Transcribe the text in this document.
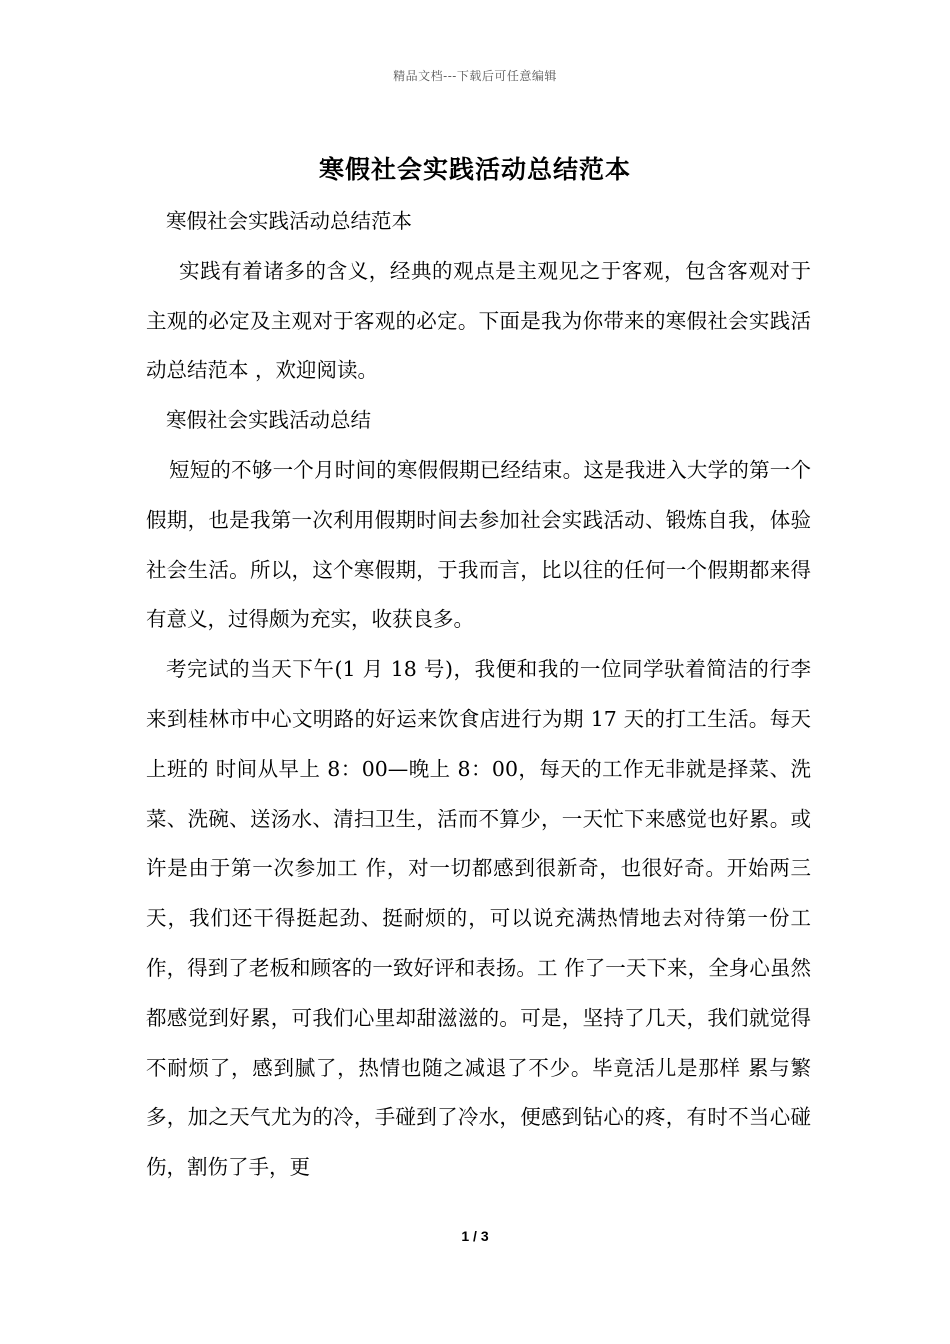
精品文档---下载后可任意编辑
寒假社会实践活动总结范本

寒假社会实践活动总结范本

实践有着诸多的含义，经典的观点是主观见之于客观，包含客观对于主观的必定及主观对于客观的必定。下面是我为你带来的寒假社会实践活动总结范本 ，欢迎阅读。

寒假社会实践活动总结

短短的不够一个月时间的寒假假期已经结束。这是我进入大学的第一个假期，也是我第一次利用假期时间去参加社会实践活动、锻炼自我，体验社会生活。所以，这个寒假期，于我而言，比以往的任何一个假期都来得有意义，过得颇为充实，收获良多。

考完试的当天下午(1 月 18 号)，我便和我的一位同学驮着简洁的行李来到桂林市中心文明路的好运来饮食店进行为期 17 天的打工生活。每天上班的 时间从早上 8：00—晚上 8：00，每天的工作无非就是择菜、洗菜、洗碗、送汤水、清扫卫生，活而不算少，一天忙下来感觉也好累。或许是由于第一次参加工 作，对一切都感到很新奇，也很好奇。开始两三天，我们还干得挺起劲、挺耐烦的，可以说充满热情地去对待第一份工作，得到了老板和顾客的一致好评和表扬。工 作了一天下来，全身心虽然都感觉到好累，可我们心里却甜滋滋的。可是，坚持了几天，我们就觉得不耐烦了，感到腻了，热情也随之减退了不少。毕竟活儿是那样 累与繁多，加之天气尤为的冷，手碰到了冷水，便感到钻心的疼，有时不当心碰伤，割伤了手，更

1 / 3
